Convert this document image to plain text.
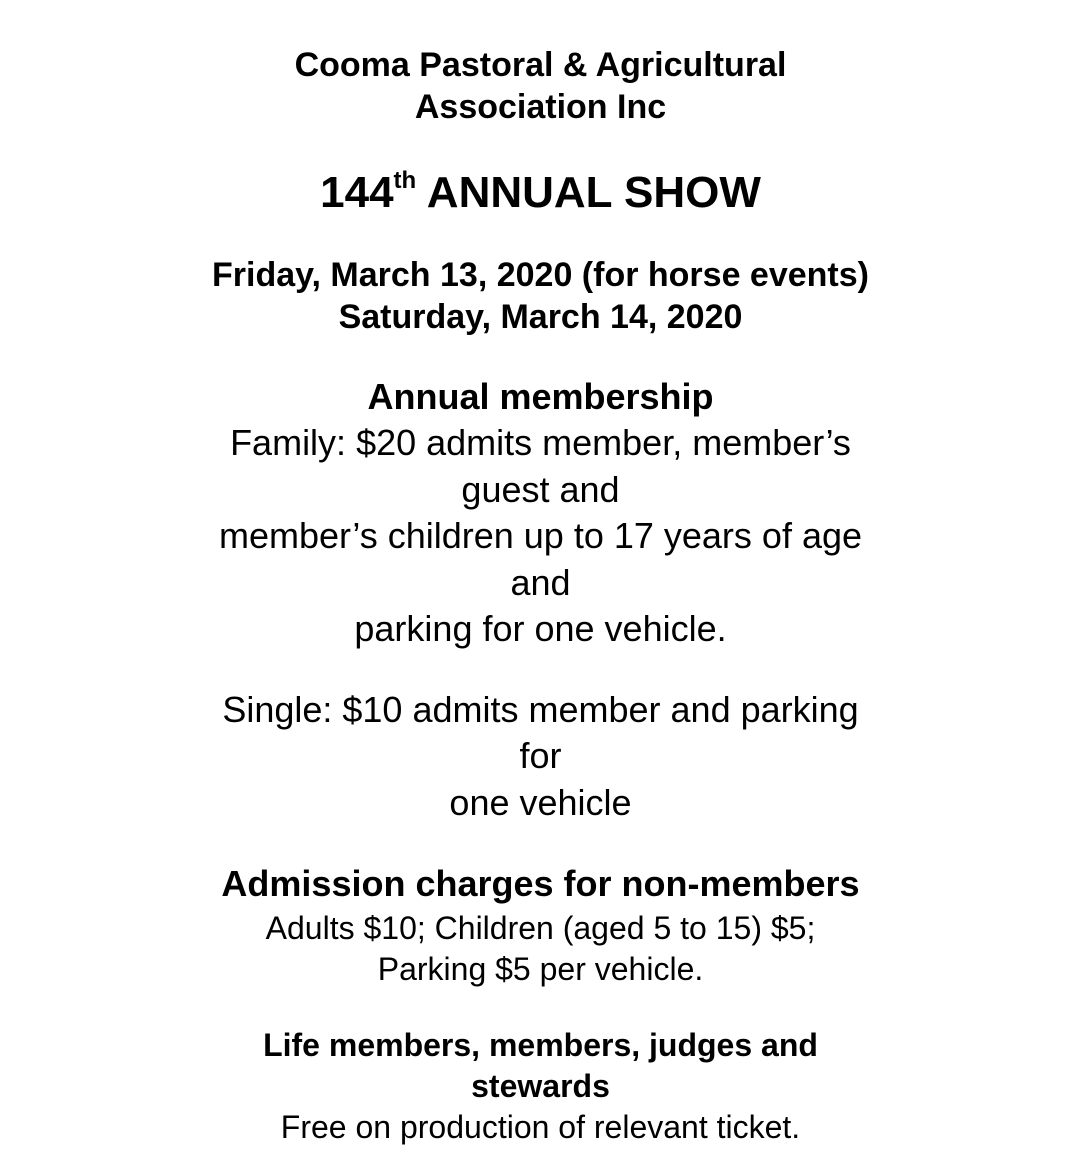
Cooma Pastoral & Agricultural
Association Inc
144th ANNUAL SHOW
Friday, March 13, 2020 (for horse events)
Saturday, March 14, 2020
Annual membership
Family: $20 admits member, member’s
guest and
member’s children up to 17 years of age
and
parking for one vehicle.
Single: $10 admits member and parking
for
one vehicle
Admission charges for non-members
Adults $10; Children (aged 5 to 15) $5;
Parking $5 per vehicle.
Life members, members, judges and
stewards
Free on production of relevant ticket.
